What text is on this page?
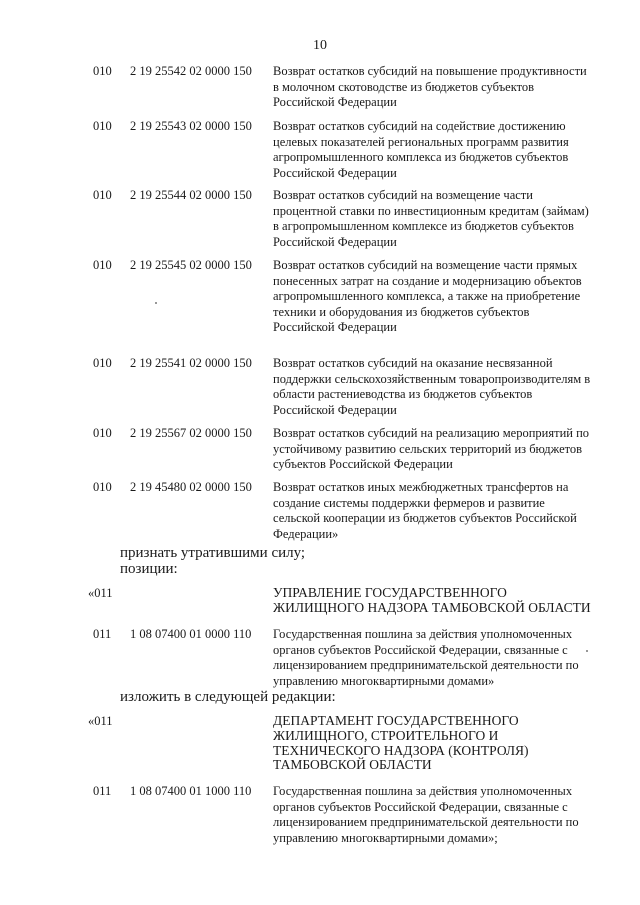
10
010 2 19 25542 02 0000 150 Возврат остатков субсидий на повышение продуктивности в молочном скотоводстве из бюджетов субъектов Российской Федерации
010 2 19 25543 02 0000 150 Возврат остатков субсидий на содействие достижению целевых показателей региональных программ развития агропромышленного комплекса из бюджетов субъектов Российской Федерации
010 2 19 25544 02 0000 150 Возврат остатков субсидий на возмещение части процентной ставки по инвестиционным кредитам (займам) в агропромышленном комплексе из бюджетов субъектов Российской Федерации
010 2 19 25545 02 0000 150 Возврат остатков субсидий на возмещение части прямых понесенных затрат на создание и модернизацию объектов агропромышленного комплекса, а также на приобретение техники и оборудования из бюджетов субъектов Российской Федерации
010 2 19 25541 02 0000 150 Возврат остатков субсидий на оказание несвязанной поддержки сельскохозяйственным товаропроизводителям в области растениеводства из бюджетов субъектов Российской Федерации
010 2 19 25567 02 0000 150 Возврат остатков субсидий на реализацию мероприятий по устойчивому развитию сельских территорий из бюджетов субъектов Российской Федерации
010 2 19 45480 02 0000 150 Возврат остатков иных межбюджетных трансфертов на создание системы поддержки фермеров и развитие сельской кооперации из бюджетов субъектов Российской Федерации»
признать утратившими силу;
позиции:
«011	УПРАВЛЕНИЕ ГОСУДАРСТВЕННОГО ЖИЛИЩНОГО НАДЗОРА ТАМБОВСКОЙ ОБЛАСТИ
011 1 08 07400 01 0000 110 Государственная пошлина за действия уполномоченных органов субъектов Российской Федерации, связанные с лицензированием предпринимательской деятельности по управлению многоквартирными домами»
изложить в следующей редакции:
«011	ДЕПАРТАМЕНТ ГОСУДАРСТВЕННОГО ЖИЛИЩНОГО, СТРОИТЕЛЬНОГО И ТЕХНИЧЕСКОГО НАДЗОРА (КОНТРОЛЯ) ТАМБОВСКОЙ ОБЛАСТИ
011 1 08 07400 01 1000 110 Государственная пошлина за действия уполномоченных органов субъектов Российской Федерации, связанные с лицензированием предпринимательской деятельности по управлению многоквартирными домами»;
